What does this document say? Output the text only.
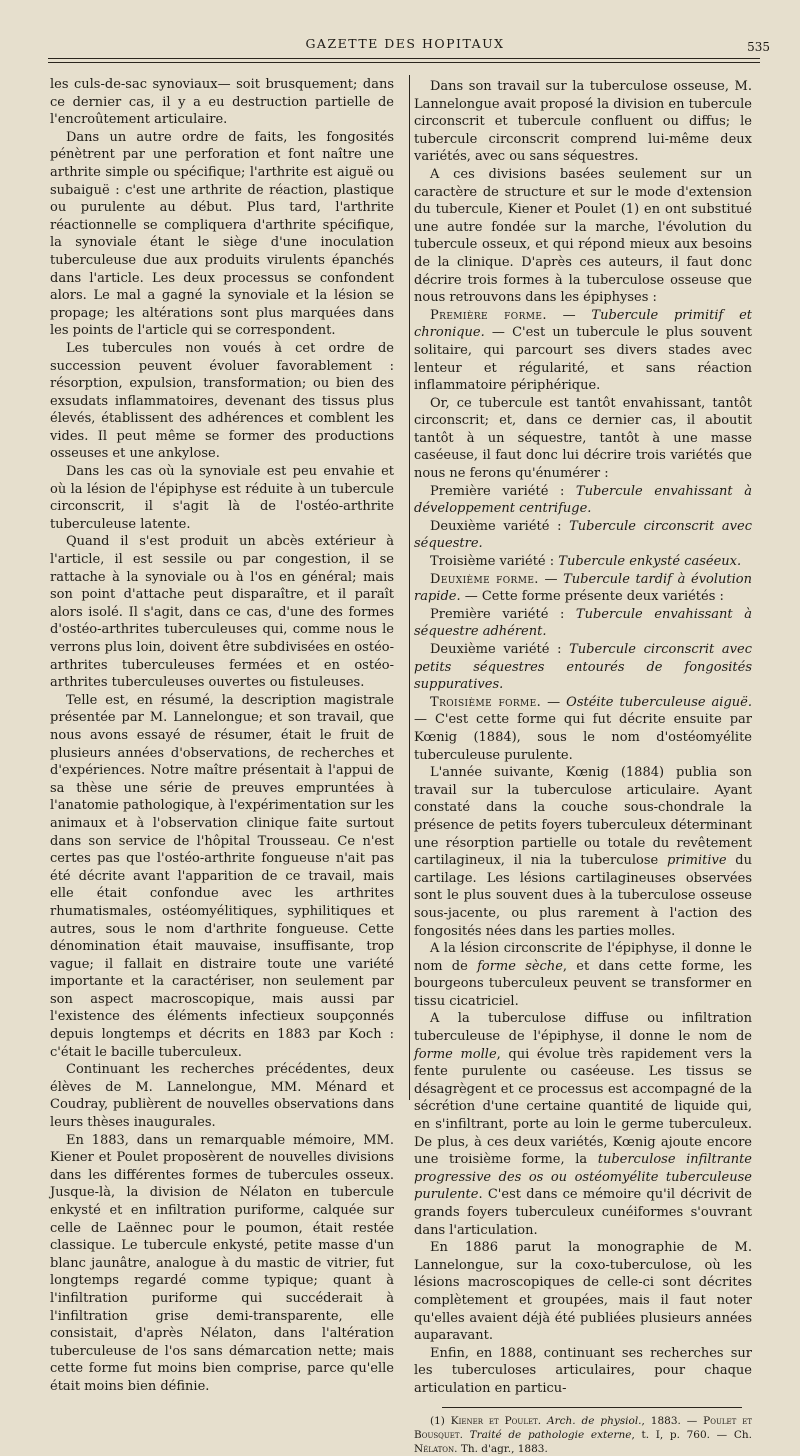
GAZETTE DES HOPITAUX	535

les culs-de-sac synoviaux— soit brusquement; dans ce dernier cas, il y a eu destruction partielle de l'encroûtement articulaire.

Dans un autre ordre de faits, les fongosités pénètrent par une perforation et font naître une arthrite simple ou spécifique; l'arthrite est aiguë ou subaiguë : c'est une arthrite de réaction, plastique ou purulente au début. Plus tard, l'arthrite réactionnelle se compliquera d'arthrite spécifique, la synoviale étant le siège d'une inoculation tuberculeuse due aux produits virulents épanchés dans l'article. Les deux processus se confondent alors. Le mal a gagné la synoviale et la lésion se propage; les altérations sont plus marquées dans les points de l'article qui se correspondent.

Les tubercules non voués à cet ordre de succession peuvent évoluer favorablement : résorption, expulsion, transformation; ou bien des exsudats inflammatoires, devenant des tissus plus élevés, établissent des adhérences et comblent les vides. Il peut même se former des productions osseuses et une ankylose.

Dans les cas où la synoviale est peu envahie et où la lésion de l'épiphyse est réduite à un tubercule circonscrit, il s'agit là de l'ostéo-arthrite tuberculeuse latente.

Quand il s'est produit un abcès extérieur à l'article, il est sessile ou par congestion, il se rattache à la synoviale ou à l'os en général; mais son point d'attache peut disparaître, et il paraît alors isolé. Il s'agit, dans ce cas, d'une des formes d'ostéo-arthrites tuberculeuses qui, comme nous le verrons plus loin, doivent être subdivisées en ostéo-arthrites tuberculeuses fermées et en ostéo-arthrites tuberculeuses ouvertes ou fistuleuses.

Telle est, en résumé, la description magistrale présentée par M. Lannelongue; et son travail, que nous avons essayé de résumer, était le fruit de plusieurs années d'observations, de recherches et d'expériences. Notre maître présentait à l'appui de sa thèse une série de preuves empruntées à l'anatomie pathologique, à l'expérimentation sur les animaux et à l'observation clinique faite surtout dans son service de l'hôpital Trousseau. Ce n'est certes pas que l'ostéo-arthrite fongueuse n'ait pas été décrite avant l'apparition de ce travail, mais elle était confondue avec les arthrites rhumatismales, ostéomyélitiques, syphilitiques et autres, sous le nom d'arthrite fongueuse. Cette dénomination était mauvaise, insuffisante, trop vague; il fallait en distraire toute une variété importante et la caractériser, non seulement par son aspect macroscopique, mais aussi par l'existence des éléments infectieux soupçonnés depuis longtemps et décrits en 1883 par Koch : c'était le bacille tuberculeux.

Continuant les recherches précédentes, deux élèves de M. Lannelongue, MM. Ménard et Coudray, publièrent de nouvelles observations dans leurs thèses inaugurales.

En 1883, dans un remarquable mémoire, MM. Kiener et Poulet proposèrent de nouvelles divisions dans les différentes formes de tubercules osseux. Jusque-là, la division de Nélaton en tubercule enkysté et en infiltration puriforme, calquée sur celle de Laënnec pour le poumon, était restée classique. Le tubercule enkysté, petite masse d'un blanc jaunâtre, analogue à du mastic de vitrier, fut longtemps regardé comme typique; quant à l'infiltration puriforme qui succéderait à l'infiltration grise demi-transparente, elle consistait, d'après Nélaton, dans l'altération tuberculeuse de l'os sans démarcation nette; mais cette forme fut moins bien comprise, parce qu'elle était moins bien définie.

Dans son travail sur la tuberculose osseuse, M. Lannelongue avait proposé la division en tubercule circonscrit et tubercule confluent ou diffus; le tubercule circonscrit comprend lui-même deux variétés, avec ou sans séquestres.

A ces divisions basées seulement sur un caractère de structure et sur le mode d'extension du tubercule, Kiener et Poulet (1) en ont substitué une autre fondée sur la marche, l'évolution du tubercule osseux, et qui répond mieux aux besoins de la clinique. D'après ces auteurs, il faut donc décrire trois formes à la tuberculose osseuse que nous retrouvons dans les épiphyses :

Première forme. — Tubercule primitif et chronique. — C'est un tubercule le plus souvent solitaire, qui parcourt ses divers stades avec lenteur et régularité, et sans réaction inflammatoire périphérique.

Or, ce tubercule est tantôt envahissant, tantôt circonscrit; et, dans ce dernier cas, il aboutit tantôt à un séquestre, tantôt à une masse caséeuse, il faut donc lui décrire trois variétés que nous ne ferons qu'énumérer :

Première variété : Tubercule envahissant à développement centrifuge.

Deuxième variété : Tubercule circonscrit avec séquestre.

Troisième variété : Tubercule enkysté caséeux.

Deuxième forme. — Tubercule tardif à évolution rapide. — Cette forme présente deux variétés :

Première variété : Tubercule envahissant à séquestre adhérent.

Deuxième variété : Tubercule circonscrit avec petits séquestres entourés de fongosités suppuratives.

Troisième forme. — Ostéite tuberculeuse aiguë. — C'est cette forme qui fut décrite ensuite par Kœnig (1884), sous le nom d'ostéomyélite tuberculeuse purulente.

L'année suivante, Kœnig (1884) publia son travail sur la tuberculose articulaire. Ayant constaté dans la couche sous-chondrale la présence de petits foyers tuberculeux déterminant une résorption partielle ou totale du revêtement cartilagineux, il nia la tuberculose primitive du cartilage. Les lésions cartilagineuses observées sont le plus souvent dues à la tuberculose osseuse sous-jacente, ou plus rarement à l'action des fongosités nées dans les parties molles.

A la lésion circonscrite de l'épiphyse, il donne le nom de forme sèche, et dans cette forme, les bourgeons tuberculeux peuvent se transformer en tissu cicatriciel.

A la tuberculose diffuse ou infiltration tuberculeuse de l'épiphyse, il donne le nom de forme molle, qui évolue très rapidement vers la fente purulente ou caséeuse. Les tissus se désagrègent et ce processus est accompagné de la sécrétion d'une certaine quantité de liquide qui, en s'infiltrant, porte au loin le germe tuberculeux. De plus, à ces deux variétés, Kœnig ajoute encore une troisième forme, la tuberculose infiltrante progressive des os ou ostéomyélite tuberculeuse purulente. C'est dans ce mémoire qu'il décrivit de grands foyers tuberculeux cunéiformes s'ouvrant dans l'articulation.

En 1886 parut la monographie de M. Lannelongue, sur la coxo-tuberculose, où les lésions macroscopiques de celle-ci sont décrites complètement et groupées, mais il faut noter qu'elles avaient déjà été publiées plusieurs années auparavant.

Enfin, en 1888, continuant ses recherches sur les tuberculoses articulaires, pour chaque articulation en particu-

(1) Kiener et Poulet. Arch. de physiol., 1883. — Poulet et Bousquet. Traité de pathologie externe, t. I, p. 760. — Ch. Nélaton. Th. d'agr., 1883.
